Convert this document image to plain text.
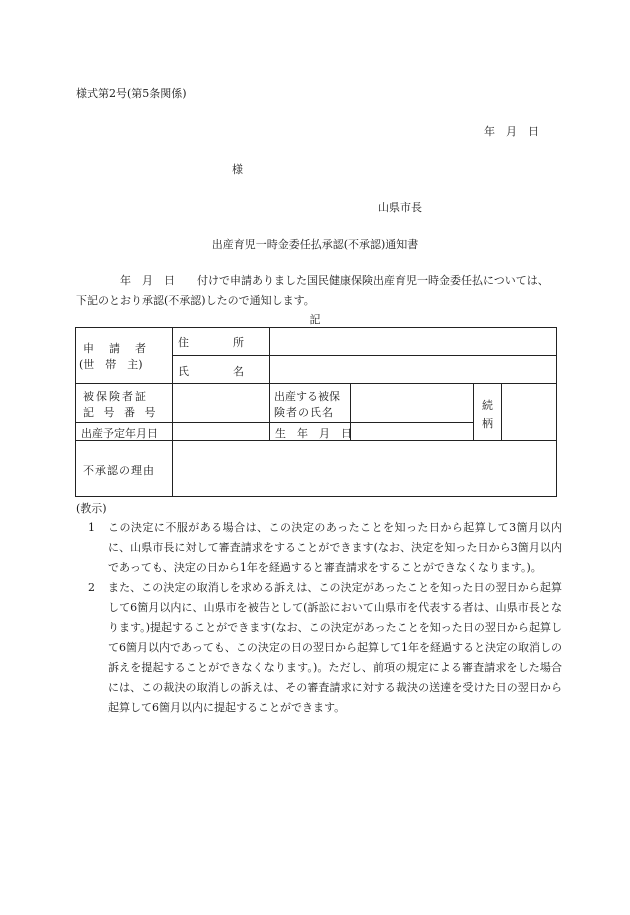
様式第2号(第5条関係)
年　月　日
様
山県市長
出産育児一時金委任払承認(不承認)通知書
　　　　年　月　日　　付けで申請ありました国民健康保険出産育児一時金委任払については、下記のとおり承認(不承認)したので通知します。
記
申　請　者
(世　帯　主)
住　　　　所
氏　　　　名
被保険者証
記 号 番 号
出産する被保
険者の氏名
続
柄
出産予定年月日	生　年　月　日
不承認の理由
(教示)
1 この決定に不服がある場合は、この決定のあったことを知った日から起算して3箇月以内に、山県市長に対して審査請求をすることができます(なお、決定を知った日から3箇月以内であっても、決定の日から1年を経過すると審査請求をすることができなくなります。)。
2 また、この決定の取消しを求める訴えは、この決定があったことを知った日の翌日から起算して6箇月以内に、山県市を被告として(訴訟において山県市を代表する者は、山県市長となります。)提起することができます(なお、この決定があったことを知った日の翌日から起算して6箇月以内であっても、この決定の日の翌日から起算して1年を経過すると決定の取消しの訴えを提起することができなくなります。)。ただし、前項の規定による審査請求をした場合には、この裁決の取消しの訴えは、その審査請求に対する裁決の送達を受けた日の翌日から起算して6箇月以内に提起することができます。
